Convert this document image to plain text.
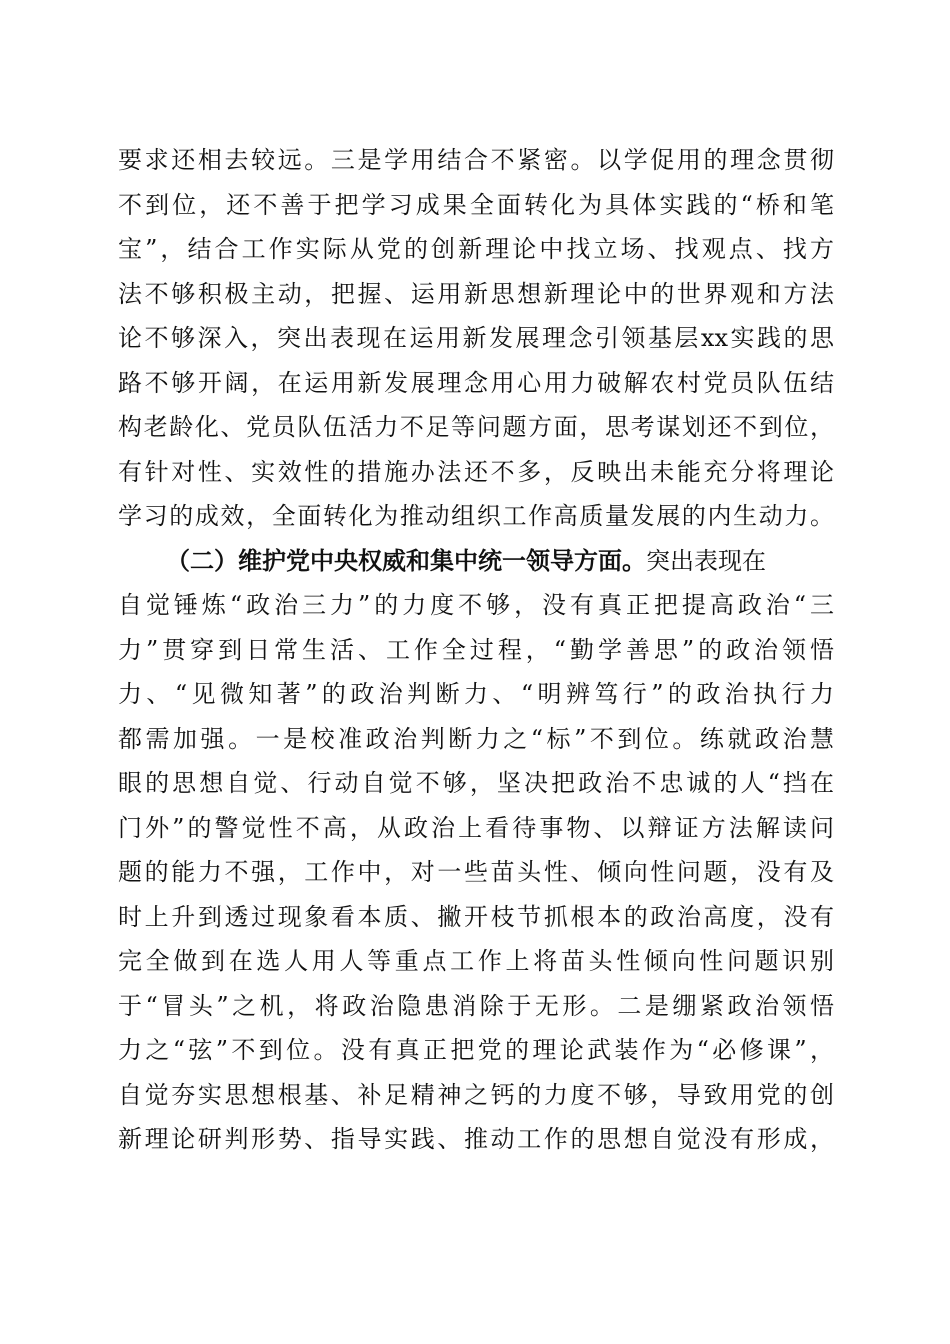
要求还相去较远。三是学用结合不紧密。以学促用的理念贯彻
不到位，还不善于把学习成果全面转化为具体实践的“桥和笔
宝”，结合工作实际从党的创新理论中找立场、找观点、找方
法不够积极主动，把握、运用新思想新理论中的世界观和方法
论不够深入，突出表现在运用新发展理念引领基层xx实践的思
路不够开阔，在运用新发展理念用心用力破解农村党员队伍结
构老龄化、党员队伍活力不足等问题方面，思考谋划还不到位，
有针对性、实效性的措施办法还不多，反映出未能充分将理论
学习的成效，全面转化为推动组织工作高质量发展的内生动力。
（二）维护党中央权威和集中统一领导方面。突出表现在
自觉锤炼“政治三力”的力度不够，没有真正把提高政治“三
力”贯穿到日常生活、工作全过程，“勤学善思”的政治领悟
力、“见微知著”的政治判断力、“明辨笃行”的政治执行力
都需加强。一是校准政治判断力之“标”不到位。练就政治慧
眼的思想自觉、行动自觉不够，坚决把政治不忠诚的人“挡在
门外”的警觉性不高，从政治上看待事物、以辩证方法解读问
题的能力不强，工作中，对一些苗头性、倾向性问题，没有及
时上升到透过现象看本质、撇开枝节抓根本的政治高度，没有
完全做到在选人用人等重点工作上将苗头性倾向性问题识别
于“冒头”之机，将政治隐患消除于无形。二是绷紧政治领悟
力之“弦”不到位。没有真正把党的理论武装作为“必修课”，
自觉夯实思想根基、补足精神之钙的力度不够，导致用党的创
新理论研判形势、指导实践、推动工作的思想自觉没有形成，
